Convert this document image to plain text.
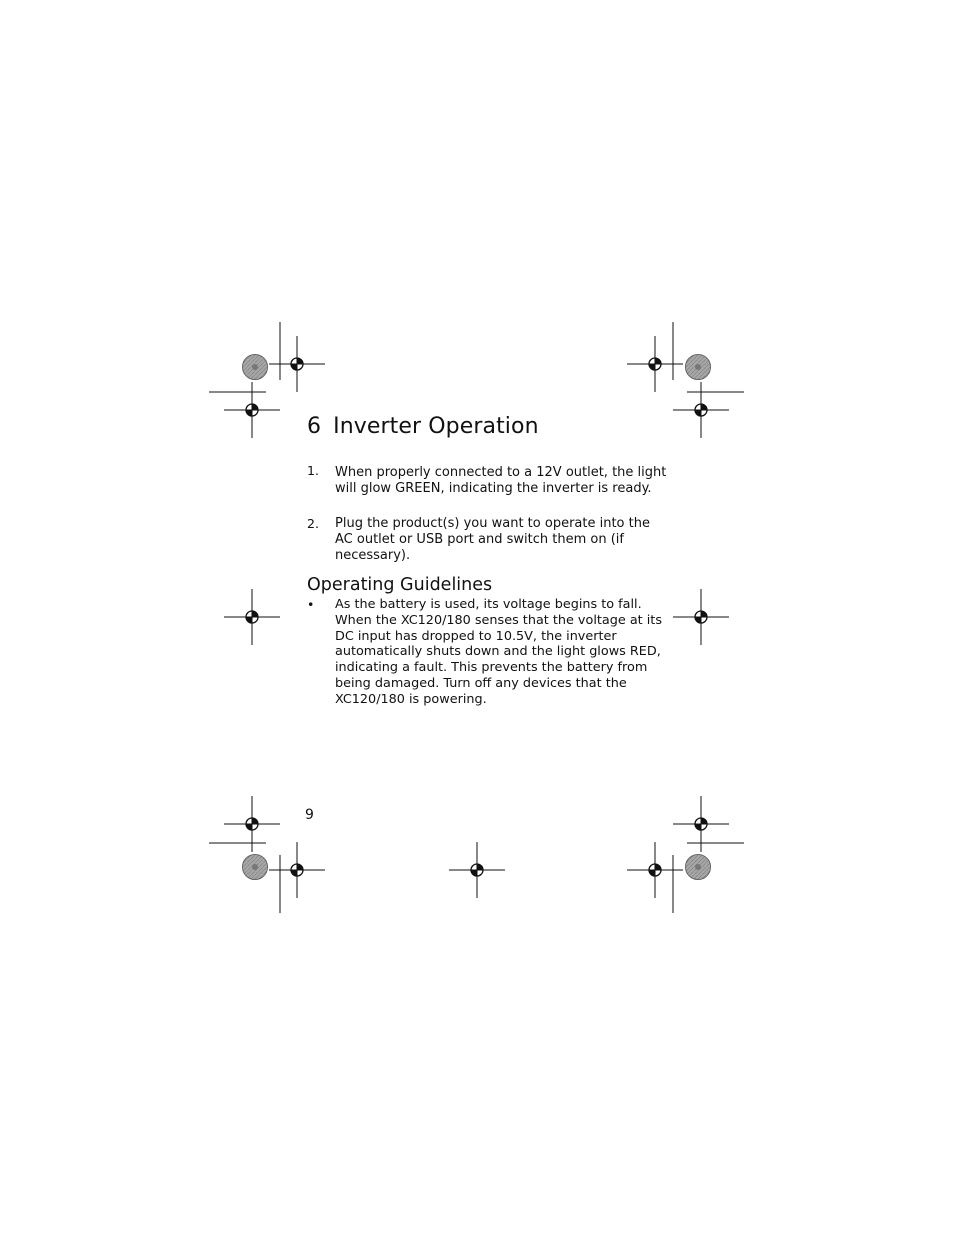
6 Inverter Operation
1. When properly connected to a 12V outlet, the light will glow GREEN, indicating the inverter is ready.
2. Plug the product(s) you want to operate into the AC outlet or USB port and switch them on (if necessary).
Operating Guidelines
• As the battery is used, its voltage begins to fall. When the XC120/180 senses that the voltage at its DC input has dropped to 10.5V, the inverter automatically shuts down and the light glows RED, indicating a fault. This prevents the battery from being damaged. Turn off any devices that the XC120/180 is powering.
9
